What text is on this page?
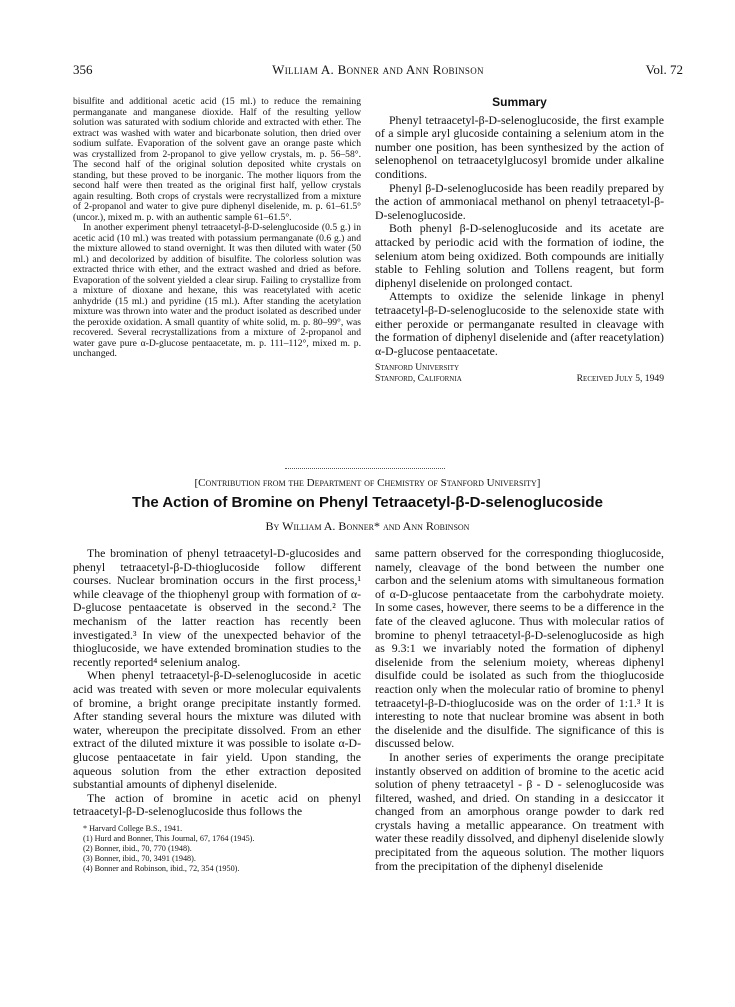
356	William A. Bonner and Ann Robinson	Vol. 72

bisulfite and additional acetic acid (15 ml.) to reduce the remaining permanganate and manganese dioxide. Half of the resulting yellow solution was saturated with sodium chloride and extracted with ether. The extract was washed with water and bicarbonate solution, then dried over sodium sulfate. Evaporation of the solvent gave an orange paste which was crystallized from 2-propanol to give yellow crystals, m. p. 56–58°. The second half of the original solution deposited white crystals on standing, but these proved to be inorganic. The mother liquors from the second half were then treated as the original first half, yellow crystals again resulting. Both crops of crystals were recrystallized from a mixture of 2-propanol and water to give pure diphenyl diselenide, m. p. 61–61.5° (uncor.), mixed m. p. with an authentic sample 61–61.5°.

In another experiment phenyl tetraacetyl-β-D-selenglucoside (0.5 g.) in acetic acid (10 ml.) was treated with potassium permanganate (0.6 g.) and the mixture allowed to stand overnight. It was then diluted with water (50 ml.) and decolorized by addition of bisulfite. The colorless solution was extracted thrice with ether, and the extract washed and dried as before. Evaporation of the solvent yielded a clear sirup. Failing to crystallize from a mixture of dioxane and hexane, this was reacetylated with acetic anhydride (15 ml.) and pyridine (15 ml.). After standing the acetylation mixture was thrown into water and the product isolated as described under the peroxide oxidation. A small quantity of white solid, m. p. 80–99°, was recovered. Several recrystallizations from a mixture of 2-propanol and water gave pure α-D-glucose pentaacetate, m. p. 111–112°, mixed m. p. unchanged.

Summary

Phenyl tetraacetyl-β-D-selenoglucoside, the first example of a simple aryl glucoside containing a selenium atom in the number one position, has been synthesized by the action of selenophenol on tetraacetylglucosyl bromide under alkaline conditions.

Phenyl β-D-selenoglucoside has been readily prepared by the action of ammoniacal methanol on phenyl tetraacetyl-β-D-selenoglucoside.

Both phenyl β-D-selenoglucoside and its acetate are attacked by periodic acid with the formation of iodine, the selenium atom being oxidized. Both compounds are initially stable to Fehling solution and Tollens reagent, but form diphenyl diselenide on prolonged contact.

Attempts to oxidize the selenide linkage in phenyl tetraacetyl-β-D-selenoglucoside to the selenoxide state with either peroxide or permanganate resulted in cleavage with the formation of diphenyl diselenide and (after reacetylation) α-D-glucose pentaacetate.

Stanford University
Stanford, California	Received July 5, 1949
[Contribution from the Department of Chemistry of Stanford University]
The Action of Bromine on Phenyl Tetraacetyl-β-D-selenoglucoside
By William A. Bonner* and Ann Robinson

The bromination of phenyl tetraacetyl-D-glucosides and phenyl tetraacetyl-β-D-thioglucoside follow different courses. Nuclear bromination occurs in the first process,¹ while cleavage of the thiophenyl group with formation of α-D-glucose pentaacetate is observed in the second.² The mechanism of the latter reaction has recently been investigated.³ In view of the unexpected behavior of the thioglucoside, we have extended bromination studies to the recently reported⁴ selenium analog.

When phenyl tetraacetyl-β-D-selenoglucoside in acetic acid was treated with seven or more molecular equivalents of bromine, a bright orange precipitate instantly formed. After standing several hours the mixture was diluted with water, whereupon the precipitate dissolved. From an ether extract of the diluted mixture it was possible to isolate α-D-glucose pentaacetate in fair yield. Upon standing, the aqueous solution from the ether extraction deposited substantial amounts of diphenyl diselenide.

The action of bromine in acetic acid on phenyl tetraacetyl-β-D-selenoglucoside thus follows the

* Harvard College B.S., 1941.
(1) Hurd and Bonner, This Journal, 67, 1764 (1945).
(2) Bonner, ibid., 70, 770 (1948).
(3) Bonner, ibid., 70, 3491 (1948).
(4) Bonner and Robinson, ibid., 72, 354 (1950).

same pattern observed for the corresponding thioglucoside, namely, cleavage of the bond between the number one carbon and the selenium atoms with simultaneous formation of α-D-glucose pentaacetate from the carbohydrate moiety. In some cases, however, there seems to be a difference in the fate of the cleaved aglucone. Thus with molecular ratios of bromine to phenyl tetraacetyl-β-D-selenoglucoside as high as 9.3:1 we invariably noted the formation of diphenyl diselenide from the selenium moiety, whereas diphenyl disulfide could be isolated as such from the thioglucoside reaction only when the molecular ratio of bromine to phenyl tetraacetyl-β-D-thioglucoside was on the order of 1:1.³ It is interesting to note that nuclear bromine was absent in both the diselenide and the disulfide. The significance of this is discussed below.

In another series of experiments the orange precipitate instantly observed on addition of bromine to the acetic acid solution of pheny tetraacetyl - β - D - selenoglucoside was filtered, washed, and dried. On standing in a desiccator it changed from an amorphous orange powder to dark red crystals having a metallic appearance. On treatment with water these readily dissolved, and diphenyl diselenide slowly precipitated from the aqueous solution. The mother liquors from the precipitation of the diphenyl diselenide
